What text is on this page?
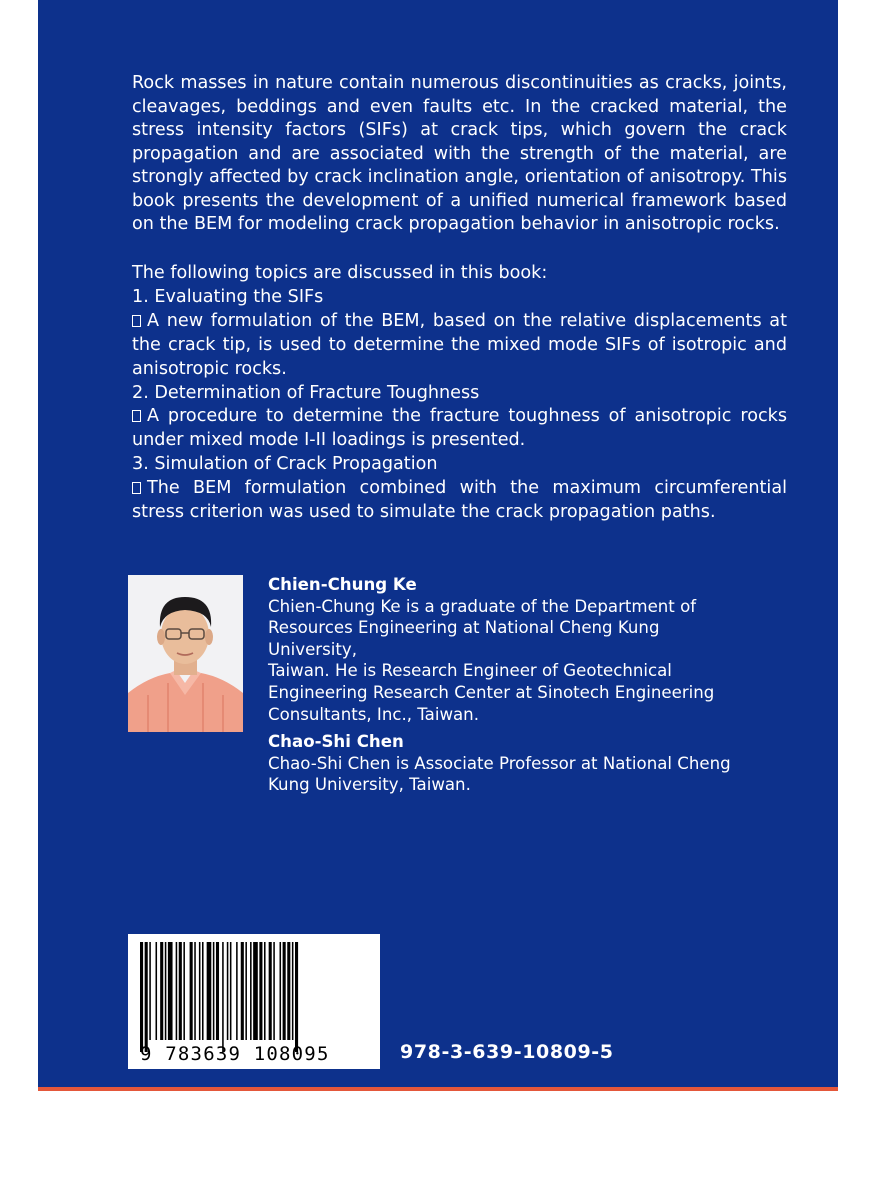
Rock masses in nature contain numerous discontinuities as cracks, joints, cleavages, beddings and even faults etc. In the cracked material, the stress intensity factors (SIFs) at crack tips, which govern the crack propagation and are associated with the strength of the material, are strongly affected by crack inclination angle, orientation of anisotropy. This book presents the development of a unified numerical framework based on the BEM for modeling crack propagation behavior in anisotropic rocks.

The following topics are discussed in this book:
1. Evaluating the SIFs
A new formulation of the BEM, based on the relative displacements at the crack tip, is used to determine the mixed mode SIFs of isotropic and anisotropic rocks.
2. Determination of Fracture Toughness
A procedure to determine the fracture toughness of anisotropic rocks under mixed mode I-II loadings is presented.
3. Simulation of Crack Propagation
The BEM formulation combined with the maximum circumferential stress criterion was used to simulate the crack propagation paths.
Chien-Chung Ke
Chien-Chung Ke is a graduate of the Department of
Resources Engineering at National Cheng Kung University,
Taiwan. He is Research Engineer of Geotechnical
Engineering Research Center at Sinotech Engineering
Consultants, Inc., Taiwan.
Chao-Shi Chen
Chao-Shi Chen is Associate Professor at National Cheng
Kung University, Taiwan.
9 783639 108095	978-3-639-10809-5
